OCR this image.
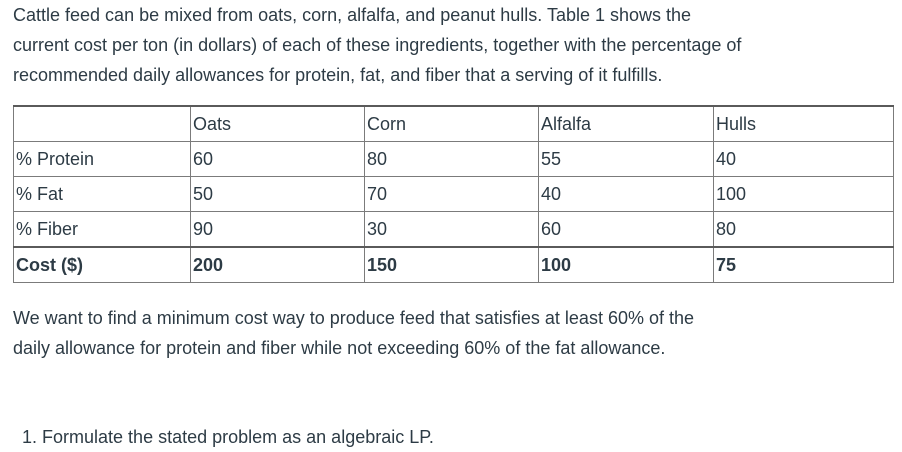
Cattle feed can be mixed from oats, corn, alfalfa, and peanut hulls. Table 1 shows the
current cost per ton (in dollars) of each of these ingredients, together with the percentage of
recommended daily allowances for protein, fat, and fiber that a serving of it fulfills.

	Oats	Corn	Alfalfa	Hulls
% Protein	60	80	55	40
% Fat	50	70	40	100
% Fiber	90	30	60	80
Cost ($)	200	150	100	75

We want to find a minimum cost way to produce feed that satisfies at least 60% of the
daily allowance for protein and fiber while not exceeding 60% of the fat allowance.

1. Formulate the stated problem as an algebraic LP.
